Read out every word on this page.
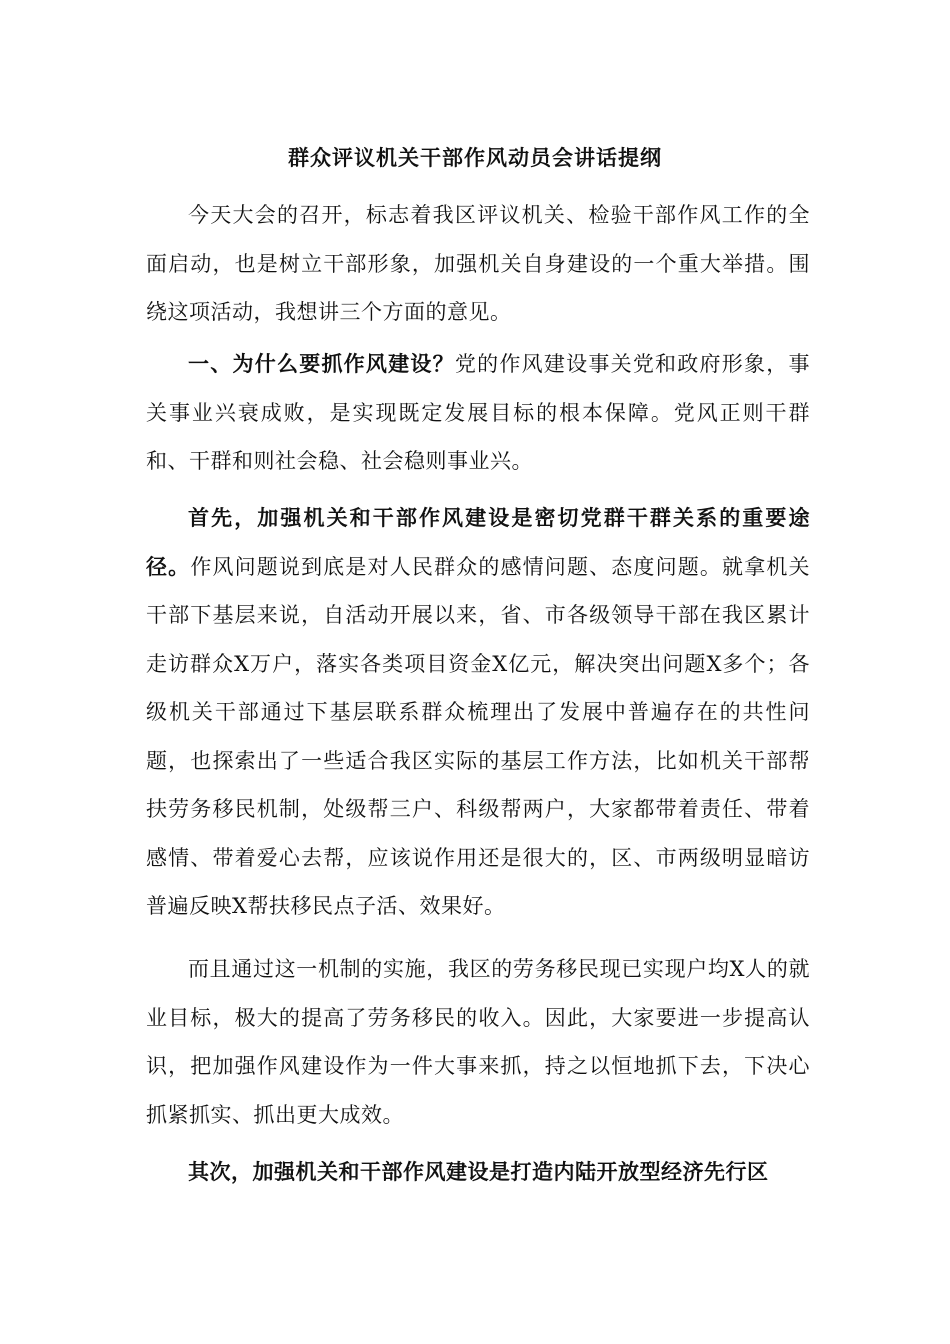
群众评议机关干部作风动员会讲话提纲

今天大会的召开，标志着我区评议机关、检验干部作风工作的全面启动，也是树立干部形象，加强机关自身建设的一个重大举措。围绕这项活动，我想讲三个方面的意见。

一、为什么要抓作风建设？党的作风建设事关党和政府形象，事关事业兴衰成败，是实现既定发展目标的根本保障。党风正则干群和、干群和则社会稳、社会稳则事业兴。

首先，加强机关和干部作风建设是密切党群干群关系的重要途径。作风问题说到底是对人民群众的感情问题、态度问题。就拿机关干部下基层来说，自活动开展以来，省、市各级领导干部在我区累计走访群众X万户，落实各类项目资金X亿元，解决突出问题X多个；各级机关干部通过下基层联系群众梳理出了发展中普遍存在的共性问题，也探索出了一些适合我区实际的基层工作方法，比如机关干部帮扶劳务移民机制，处级帮三户、科级帮两户，大家都带着责任、带着感情、带着爱心去帮，应该说作用还是很大的，区、市两级明显暗访普遍反映X帮扶移民点子活、效果好。

而且通过这一机制的实施，我区的劳务移民现已实现户均X人的就业目标，极大的提高了劳务移民的收入。因此，大家要进一步提高认识，把加强作风建设作为一件大事来抓，持之以恒地抓下去，下决心抓紧抓实、抓出更大成效。

其次，加强机关和干部作风建设是打造内陆开放型经济先行区
